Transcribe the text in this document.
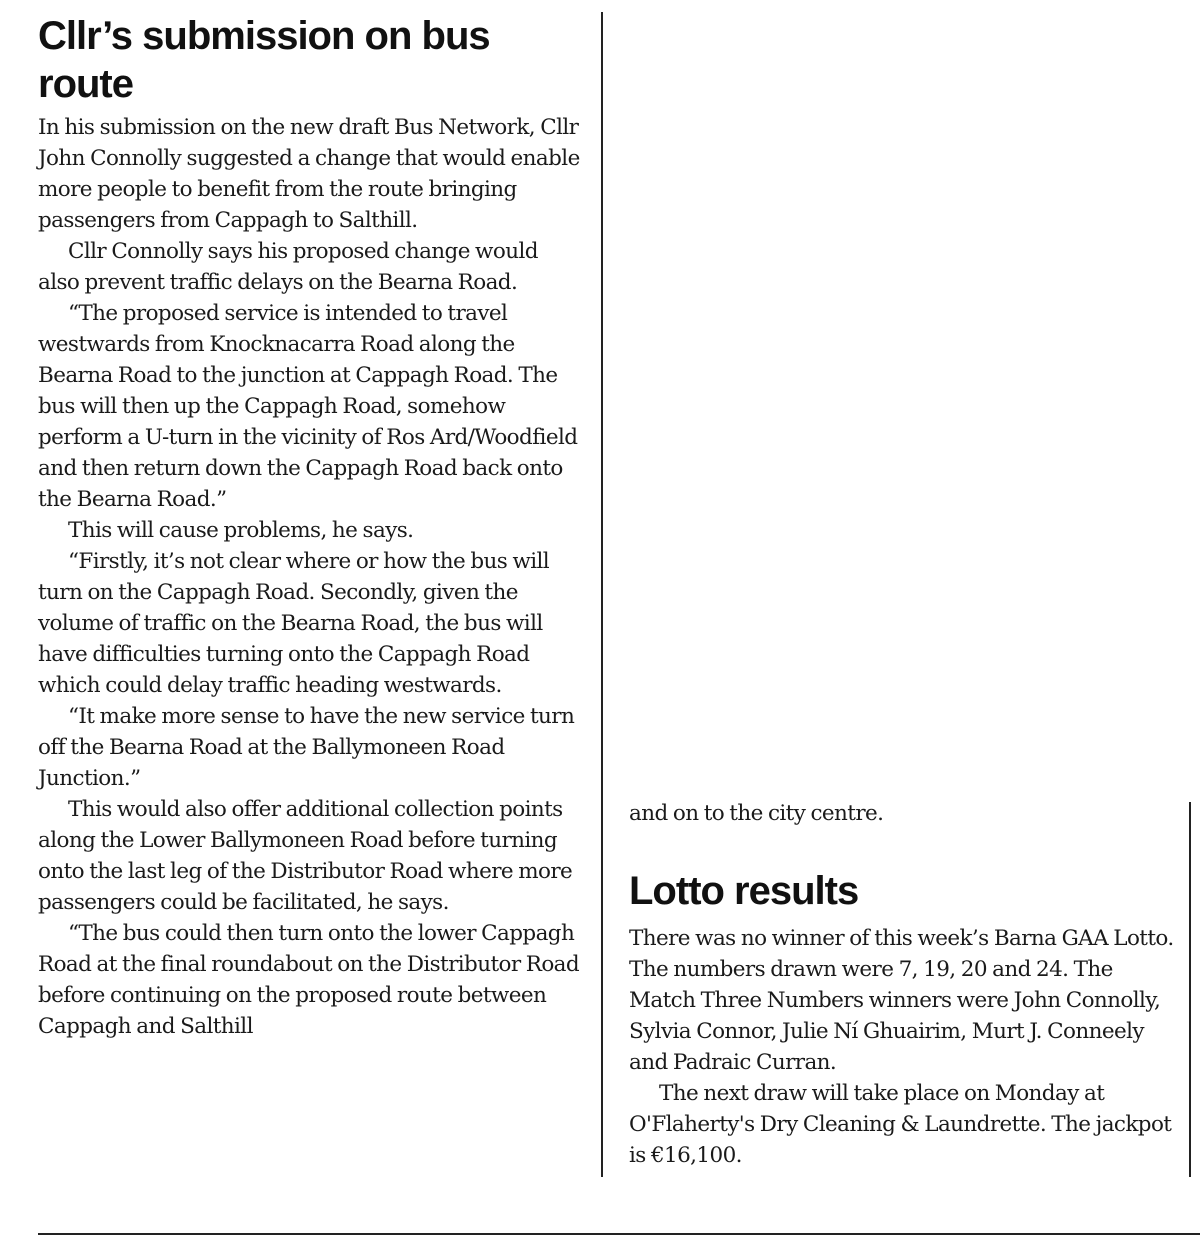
Cllr’s submission on bus route

In his submission on the new draft Bus Network, Cllr John Connolly suggested a change that would enable more people to benefit from the route bringing passengers from Cappagh to Salthill.

Cllr Connolly says his proposed change would also prevent traffic delays on the Bearna Road.

“The proposed service is intended to travel westwards from Knocknacarra Road along the Bearna Road to the junction at Cappagh Road. The bus will then up the Cappagh Road, somehow perform a U-turn in the vicinity of Ros Ard/Woodfield and then return down the Cappagh Road back onto the Bearna Road.”

This will cause problems, he says.

“Firstly, it’s not clear where or how the bus will turn on the Cappagh Road. Secondly, given the volume of traffic on the Bearna Road, the bus will have difficulties turning onto the Cappagh Road which could delay traffic heading westwards.

“It make more sense to have the new service turn off the Bearna Road at the Ballymoneen Road Junction.”

This would also offer additional collection points along the Lower Ballymoneen Road before turning onto the last leg of the Distributor Road where more passengers could be facilitated, he says.

“The bus could then turn onto the lower Cappagh Road at the final roundabout on the Distributor Road before continuing on the proposed route between Cappagh and Salthill

and on to the city centre.

Lotto results

There was no winner of this week’s Barna GAA Lotto. The numbers drawn were 7, 19, 20 and 24. The Match Three Numbers winners were John Connolly, Sylvia Connor, Julie Ní Ghuairim, Murt J. Conneely and Padraic Curran.

The next draw will take place on Monday at O'Flaherty's Dry Cleaning & Laundrette. The jackpot is €16,100.
